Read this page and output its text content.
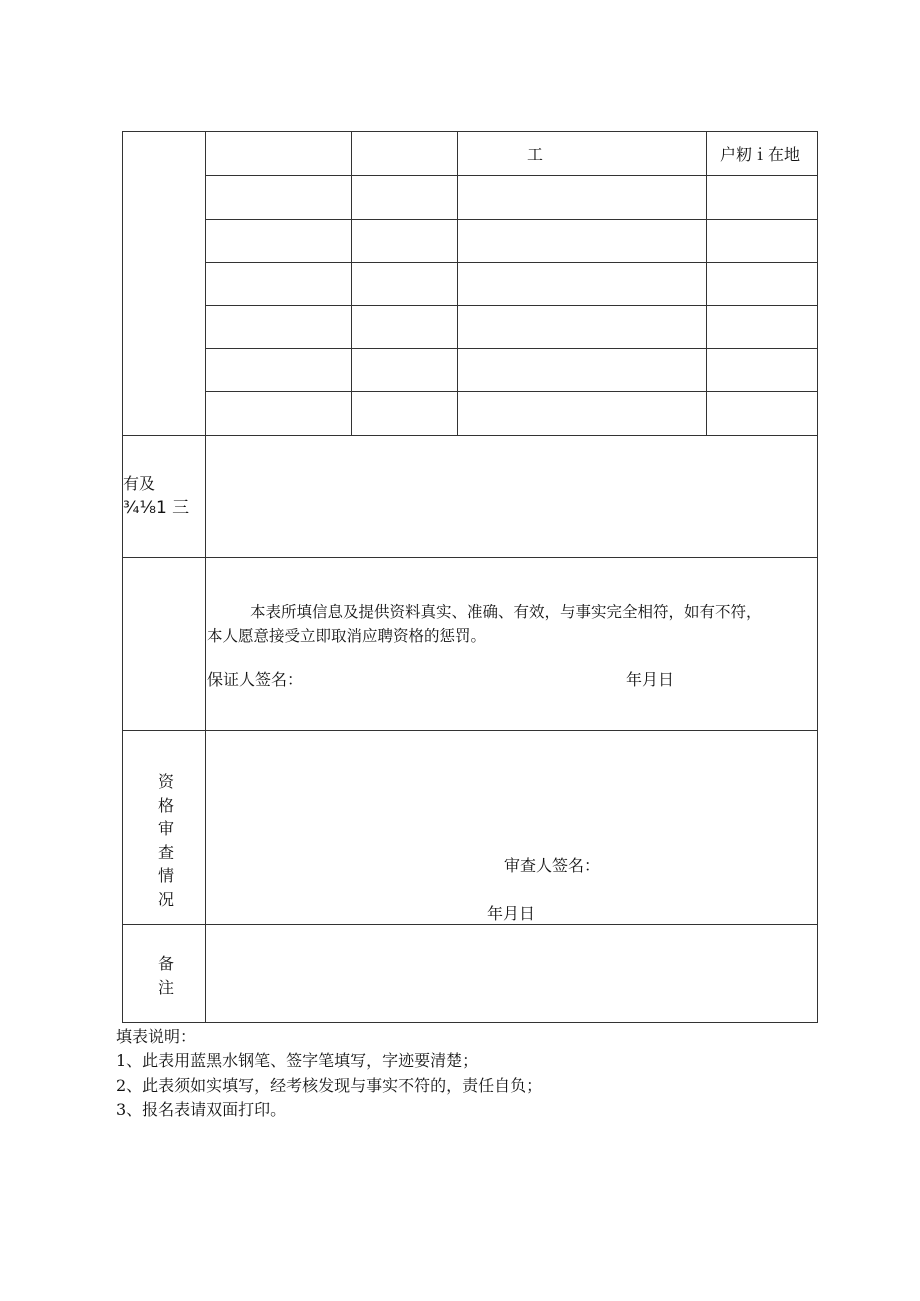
工	户籾ｉ在地
有及
¾⅛1 三
本表所填信息及提供资料真实、准确、有效，与事实完全相符，如有不符，
本人愿意接受立即取消应聘资格的惩罚。
保证人签名：	年月日
资格审查情况
审查人签名：
年月日
备注
填表说明：
1、此表用蓝黑水钢笔、签字笔填写，字迹要清楚；
2、此表须如实填写，经考核发现与事实不符的，责任自负；
3、报名表请双面打印。
